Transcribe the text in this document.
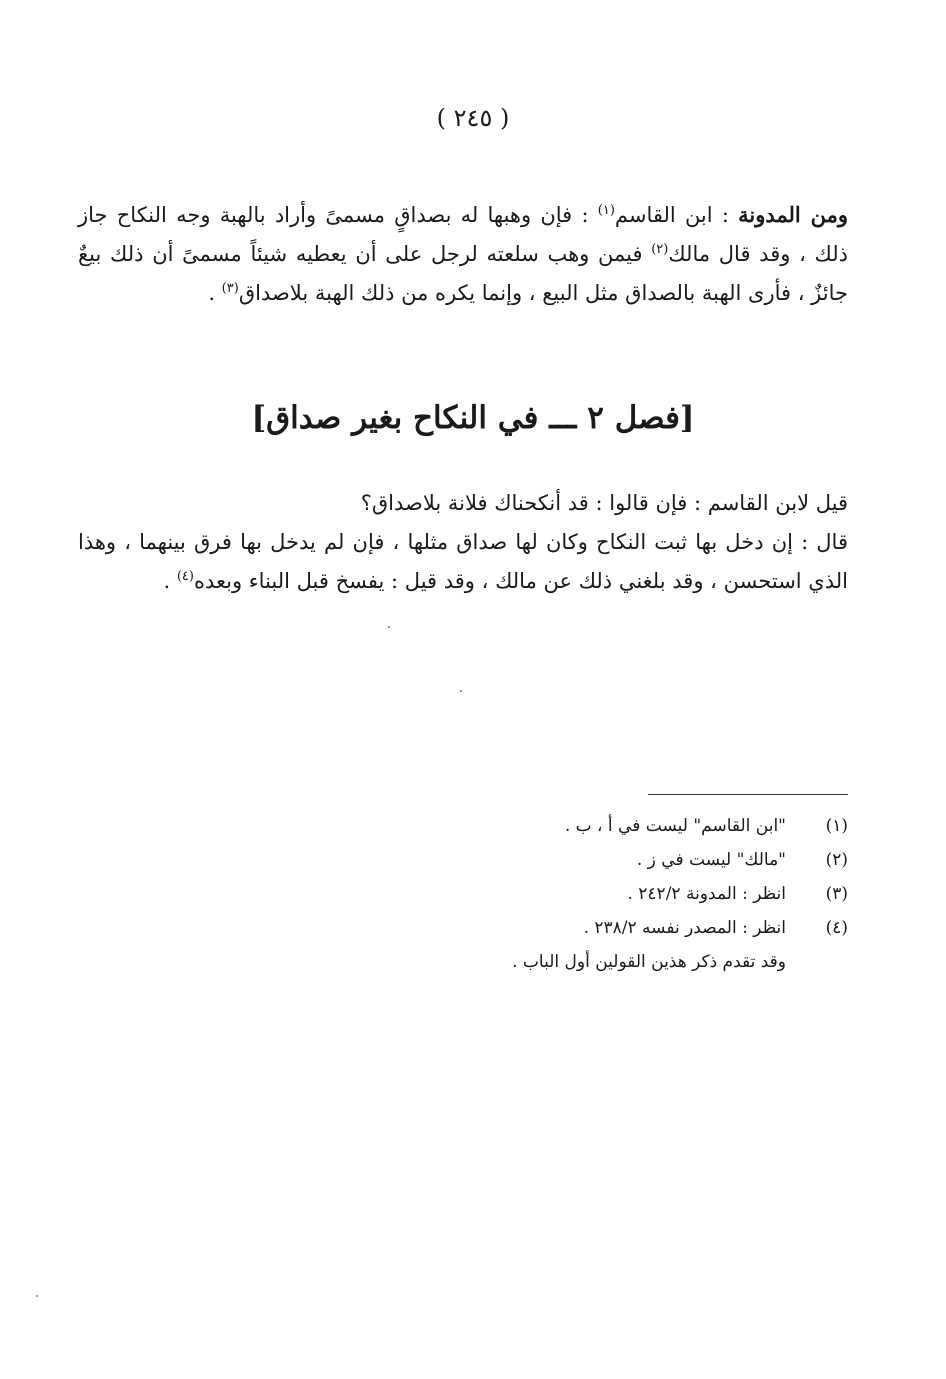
( ٢٤٥ )
ومن المدونة : ابن القاسم$^{(١)}$ : فإن وهبها له بصداقٍ مسمىً وأراد بالهبة وجه النكاح جاز ذلك ، وقد قال مالك$^{(٢)}$ فيمن وهب سلعته لرجل على أن يعطيه شيئاً مسمىً أن ذلك بيعٌ جائزٌ ، فأرى الهبة بالصداق مثل البيع ، وإنما يكره من ذلك الهبة بلاصداق$^{(٣)}$ .
[فصل ٢ ـــ في النكاح بغير صداق]
قيل لابن القاسم : فإن قالوا : قد أنكحناك فلانة بلاصداق؟
قال : إن دخل بها ثبت النكاح وكان لها صداق مثلها ، فإن لم يدخل بها فرق بينهما ، وهذا الذي استحسن ، وقد بلغني ذلك عن مالك ، وقد قيل : يفسخ قبل البناء وبعده$^{(٤)}$ .
(١)
"ابن القاسم" ليست في أ ، ب .
(٢)
"مالك" ليست في ز .
(٣)
انظر : المدونة ٢٤٢/٢ .
(٤)
انظر : المصدر نفسه ٢٣٨/٢ .
وقد تقدم ذكر هذين القولين أول الباب .
